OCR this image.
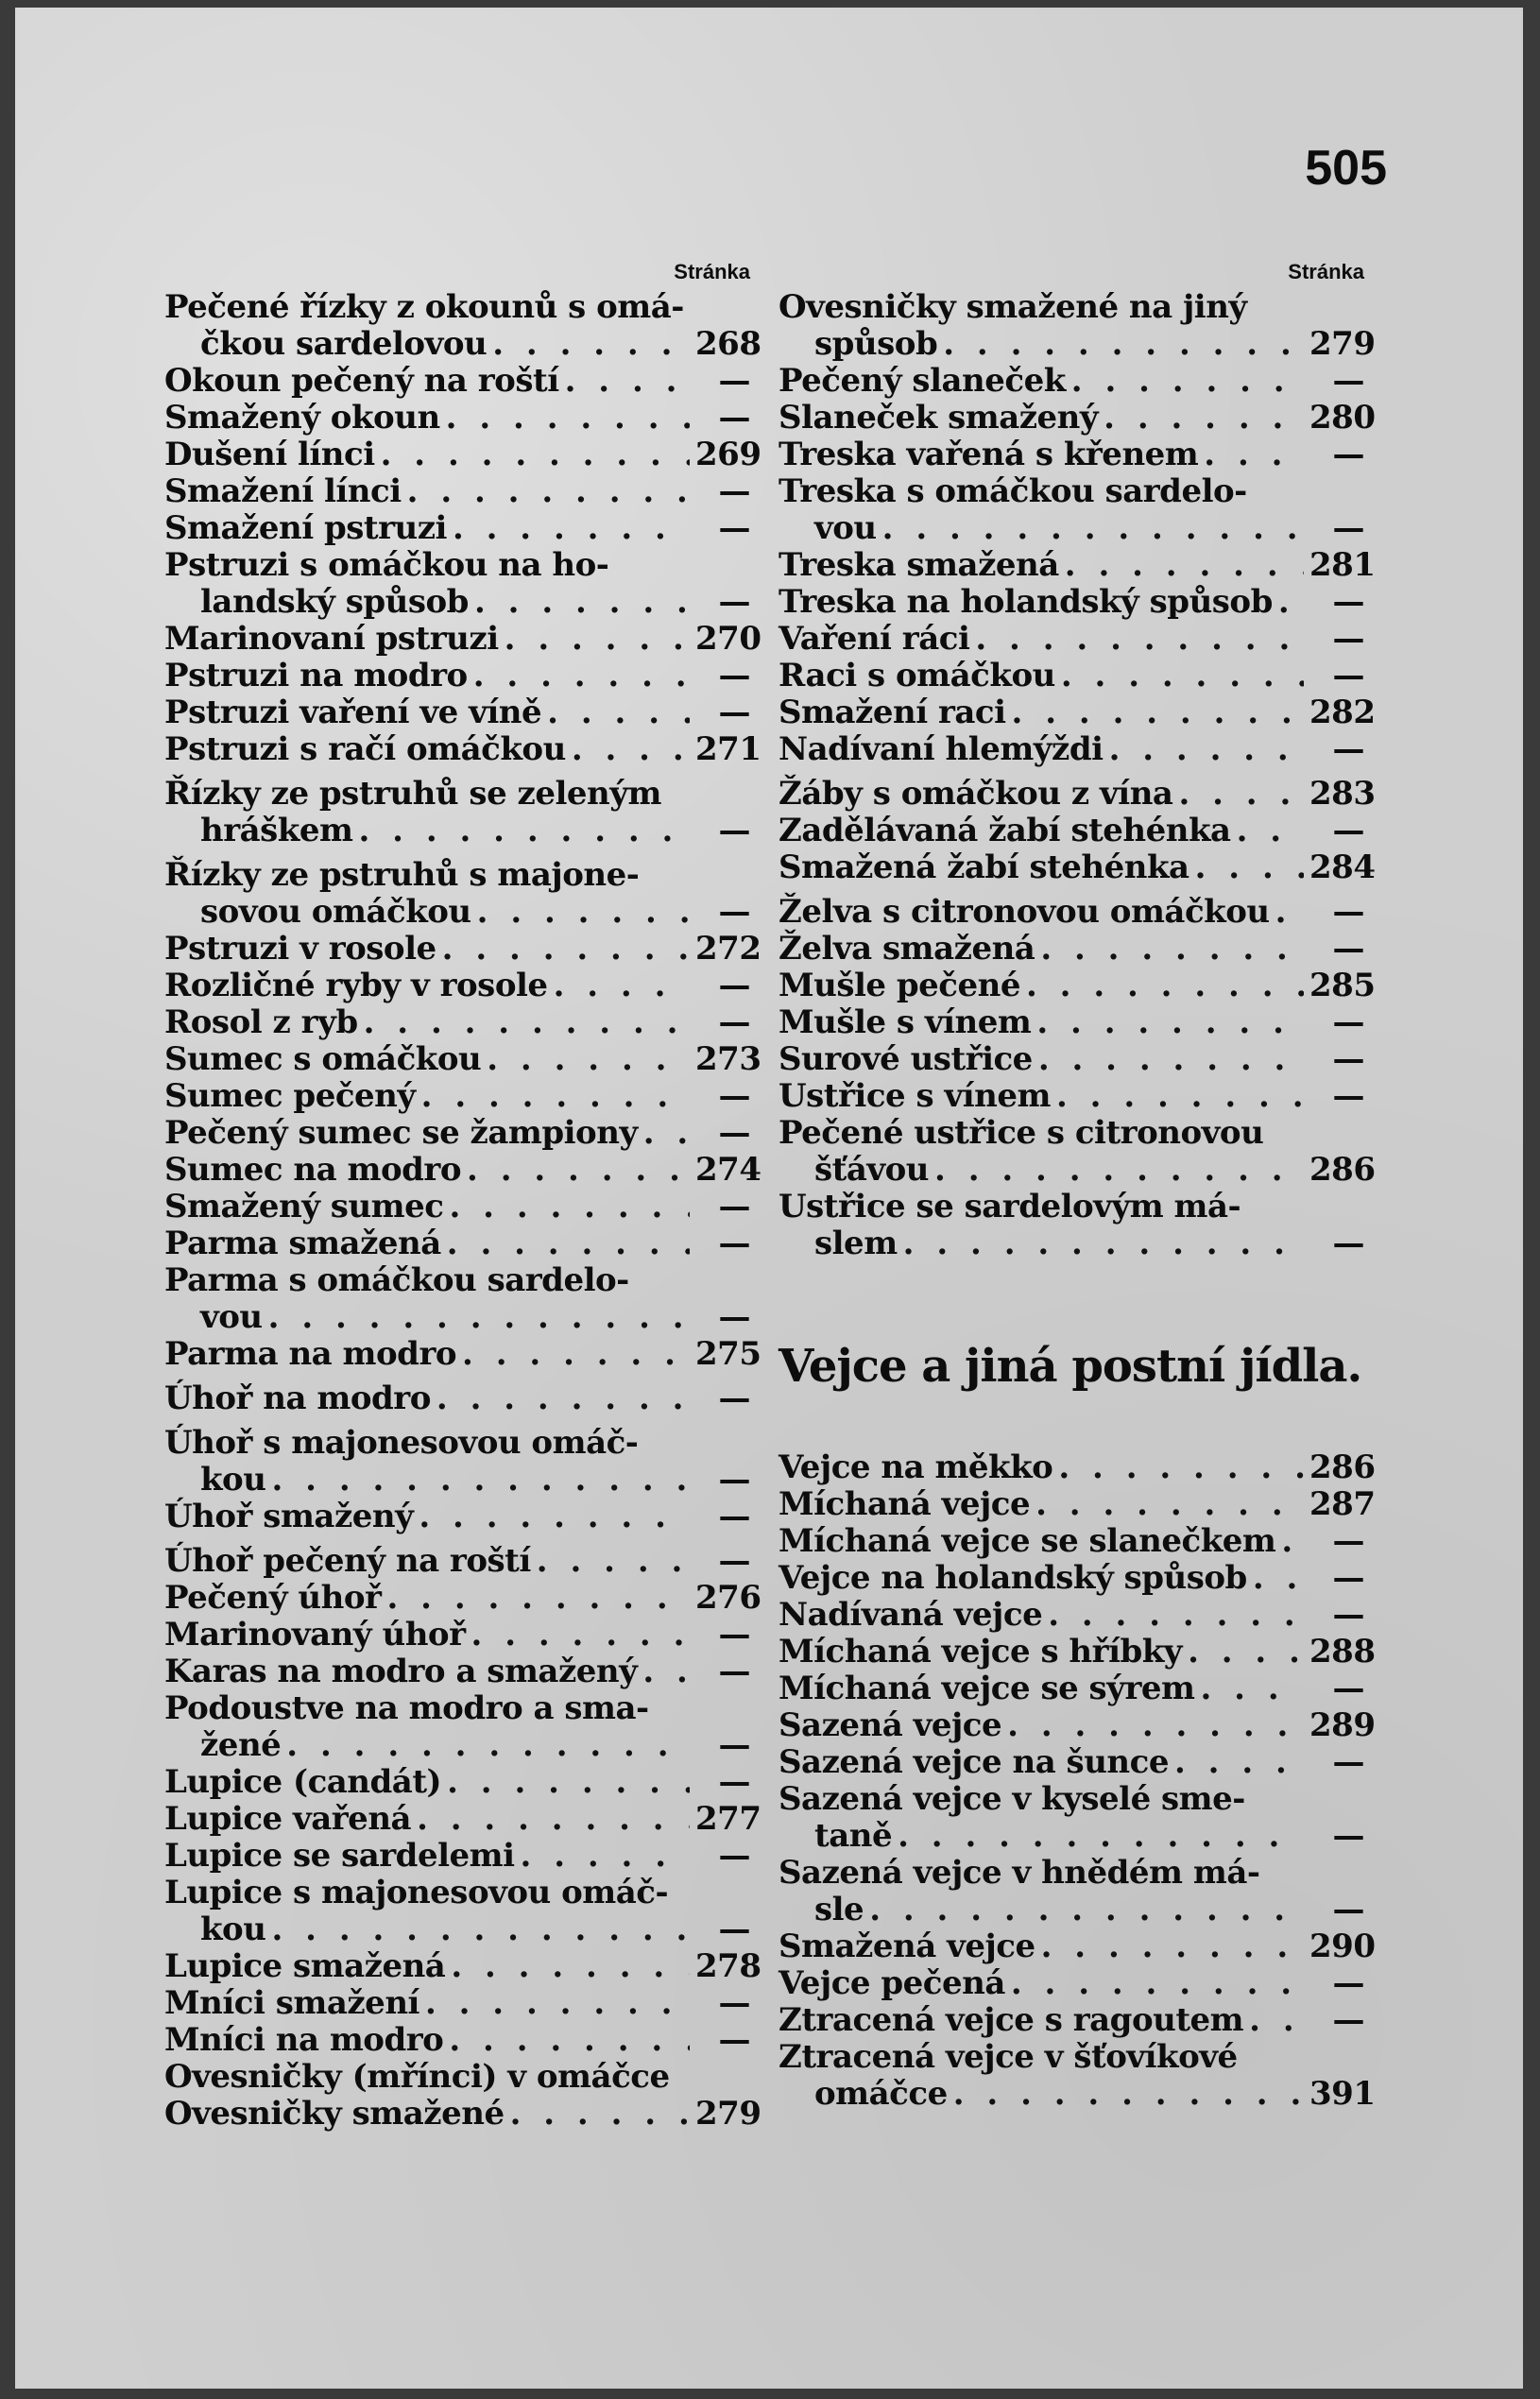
505
Stránka
Pečené řízky z okounů s omá-
čkou sardelovou . . .	268
Okoun pečený na roští . . .	—
Smažený okoun . . .	—
Dušení línci . . .	269
Smažení línci . . .	—
Smažení pstruzi . . .	—
Pstruzi s omáčkou na ho-
landský spůsob . . .	—
Marinovaní pstruzi . . .	270
Pstruzi na modro . . .	—
Pstruzi vaření ve víně . . .	—
Pstruzi s račí omáčkou . . .	271
Řízky ze pstruhů se zeleným
hráškem . . .	—
Řízky ze pstruhů s majone-
sovou omáčkou . . .	—
Pstruzi v rosole . . .	272
Rozličné ryby v rosole . . .	—
Rosol z ryb . . .	—
Sumec s omáčkou . . .	273
Sumec pečený . . .	—
Pečený sumec se žampiony . . .	—
Sumec na modro . . .	274
Smažený sumec . . .	—
Parma smažená . . .	—
Parma s omáčkou sardelo-
vou . . .	—
Parma na modro . . .	275
Úhoř na modro . . .	—
Úhoř s majonesovou omáč-
kou . . .	—
Úhoř smažený . . .	—
Úhoř pečený na roští . . .	—
Pečený úhoř . . .	276
Marinovaný úhoř . . .	—
Karas na modro a smažený . . .	—
Podoustve na modro a sma-
žené . . .	—
Lupice (candát) . . .	—
Lupice vařená . . .	277
Lupice se sardelemi . . .	—
Lupice s majonesovou omáč-
kou . . .	—
Lupice smažená . . .	278
Mníci smažení . . .	—
Mníci na modro . . .	—
Ovesničky (mřínci) v omáčce
Ovesničky smažené . . .	279
Stránka
Ovesničky smažené na jiný
spůsob . . .	279
Pečený slaneček . . .	—
Slaneček smažený . . .	280
Treska vařená s křenem . . .	—
Treska s omáčkou sardelo-
vou . . .	—
Treska smažená . . .	281
Treska na holandský spůsob . . .	—
Vaření ráci . . .	—
Raci s omáčkou . . .	—
Smažení raci . . .	282
Nadívaní hlemýždi . . .	—
Žáby s omáčkou z vína . . .	283
Zadělávaná žabí stehénka . . .	—
Smažená žabí stehénka . . .	284
Želva s citronovou omáčkou . . .	—
Želva smažená . . .	—
Mušle pečené . . .	285
Mušle s vínem . . .	—
Surové ustřice . . .	—
Ustřice s vínem . . .	—
Pečené ustřice s citronovou
šťávou . . .	286
Ustřice se sardelovým má-
slem . . .	—
Vejce a jiná postní jídla.
Vejce na měkko . . .	286
Míchaná vejce . . .	287
Míchaná vejce se slanečkem . . .	—
Vejce na holandský spůsob . . .	—
Nadívaná vejce . . .	—
Míchaná vejce s hříbky . . .	288
Míchaná vejce se sýrem . . .	—
Sazená vejce . . .	289
Sazená vejce na šunce . . .	—
Sazená vejce v kyselé sme-
taně . . .	—
Sazená vejce v hnědém má-
sle . . .	—
Smažená vejce . . .	290
Vejce pečená . . .	—
Ztracená vejce s ragoutem . . .	—
Ztracená vejce v šťovíkové
omáčce . . .	391
